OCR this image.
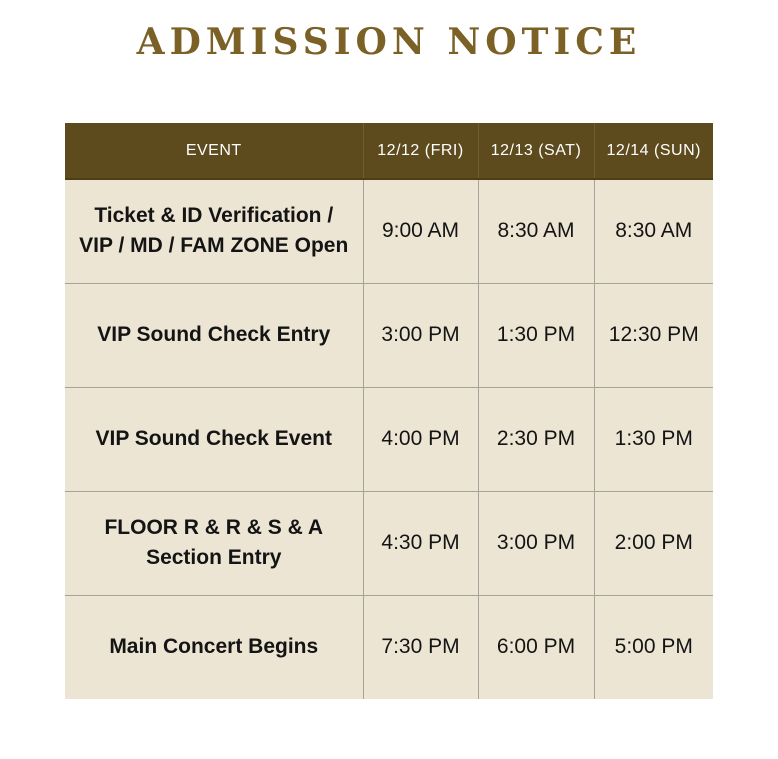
ADMISSION NOTICE
EVENT	12/12 (FRI)	12/13 (SAT)	12/14 (SUN)

Ticket & ID Verification /
VIP / MD / FAM ZONE Open	9:00 AM	8:30 AM	8:30 AM

VIP Sound Check Entry	3:00 PM	1:30 PM	12:30 PM

VIP Sound Check Event	4:00 PM	2:30 PM	1:30 PM

FLOOR R & R & S & A
Section Entry	4:30 PM	3:00 PM	2:00 PM

Main Concert Begins	7:30 PM	6:00 PM	5:00 PM
